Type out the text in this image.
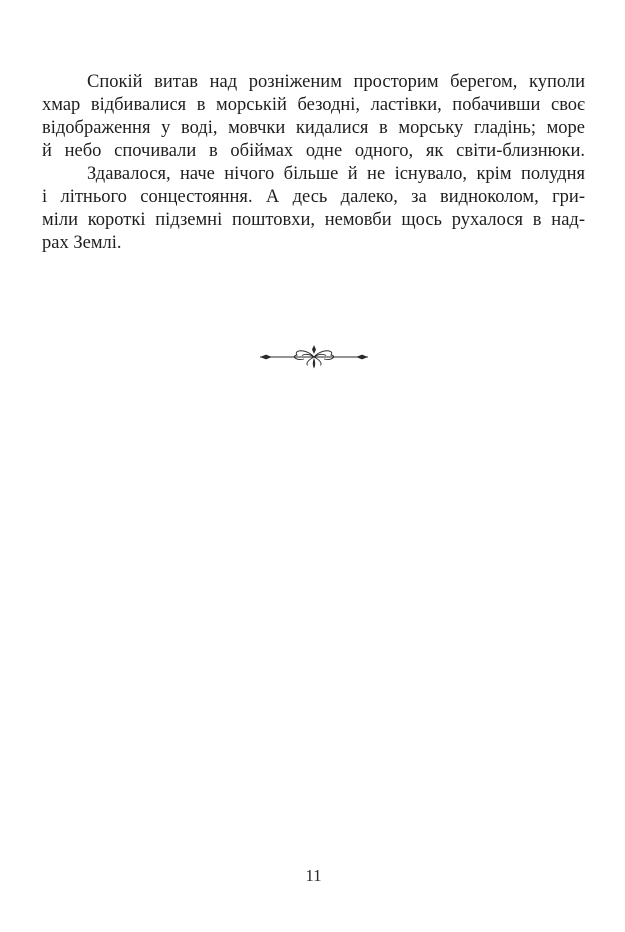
Спокій витав над розніженим просторим берегом, куполи
хмар відбивалися в морській безодні, ластівки, побачивши своє
відображення у воді, мовчки кидалися в морську гладінь; море
й небо спочивали в обіймах одне одного, як світи-близнюки.
Здавалося, наче нічого більше й не існувало, крім полудня
і літнього сонцестояння. А десь далеко, за видноколом, гри-
міли короткі підземні поштовхи, немовби щось рухалося в над-
рах Землі.
11
